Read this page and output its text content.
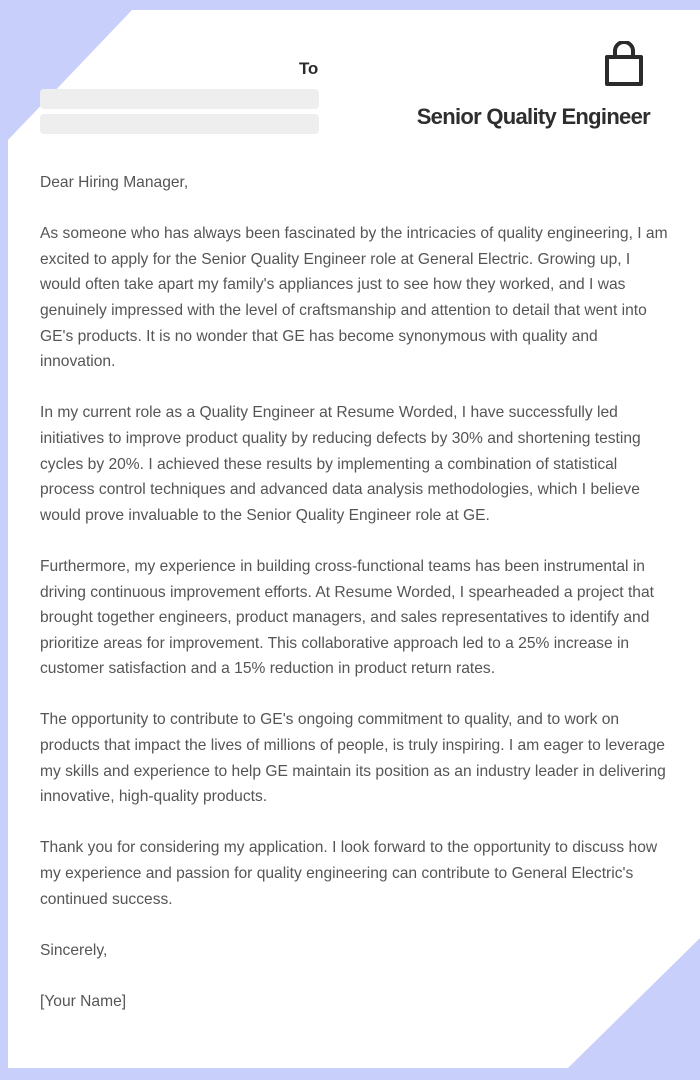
To
Senior Quality Engineer

Dear Hiring Manager,

As someone who has always been fascinated by the intricacies of quality engineering, I am excited to apply for the Senior Quality Engineer role at General Electric. Growing up, I would often take apart my family's appliances just to see how they worked, and I was genuinely impressed with the level of craftsmanship and attention to detail that went into GE's products. It is no wonder that GE has become synonymous with quality and innovation.

In my current role as a Quality Engineer at Resume Worded, I have successfully led initiatives to improve product quality by reducing defects by 30% and shortening testing cycles by 20%. I achieved these results by implementing a combination of statistical process control techniques and advanced data analysis methodologies, which I believe would prove invaluable to the Senior Quality Engineer role at GE.

Furthermore, my experience in building cross-functional teams has been instrumental in driving continuous improvement efforts. At Resume Worded, I spearheaded a project that brought together engineers, product managers, and sales representatives to identify and prioritize areas for improvement. This collaborative approach led to a 25% increase in customer satisfaction and a 15% reduction in product return rates.

The opportunity to contribute to GE's ongoing commitment to quality, and to work on products that impact the lives of millions of people, is truly inspiring. I am eager to leverage my skills and experience to help GE maintain its position as an industry leader in delivering innovative, high-quality products.

Thank you for considering my application. I look forward to the opportunity to discuss how my experience and passion for quality engineering can contribute to General Electric's continued success.

Sincerely,

[Your Name]
